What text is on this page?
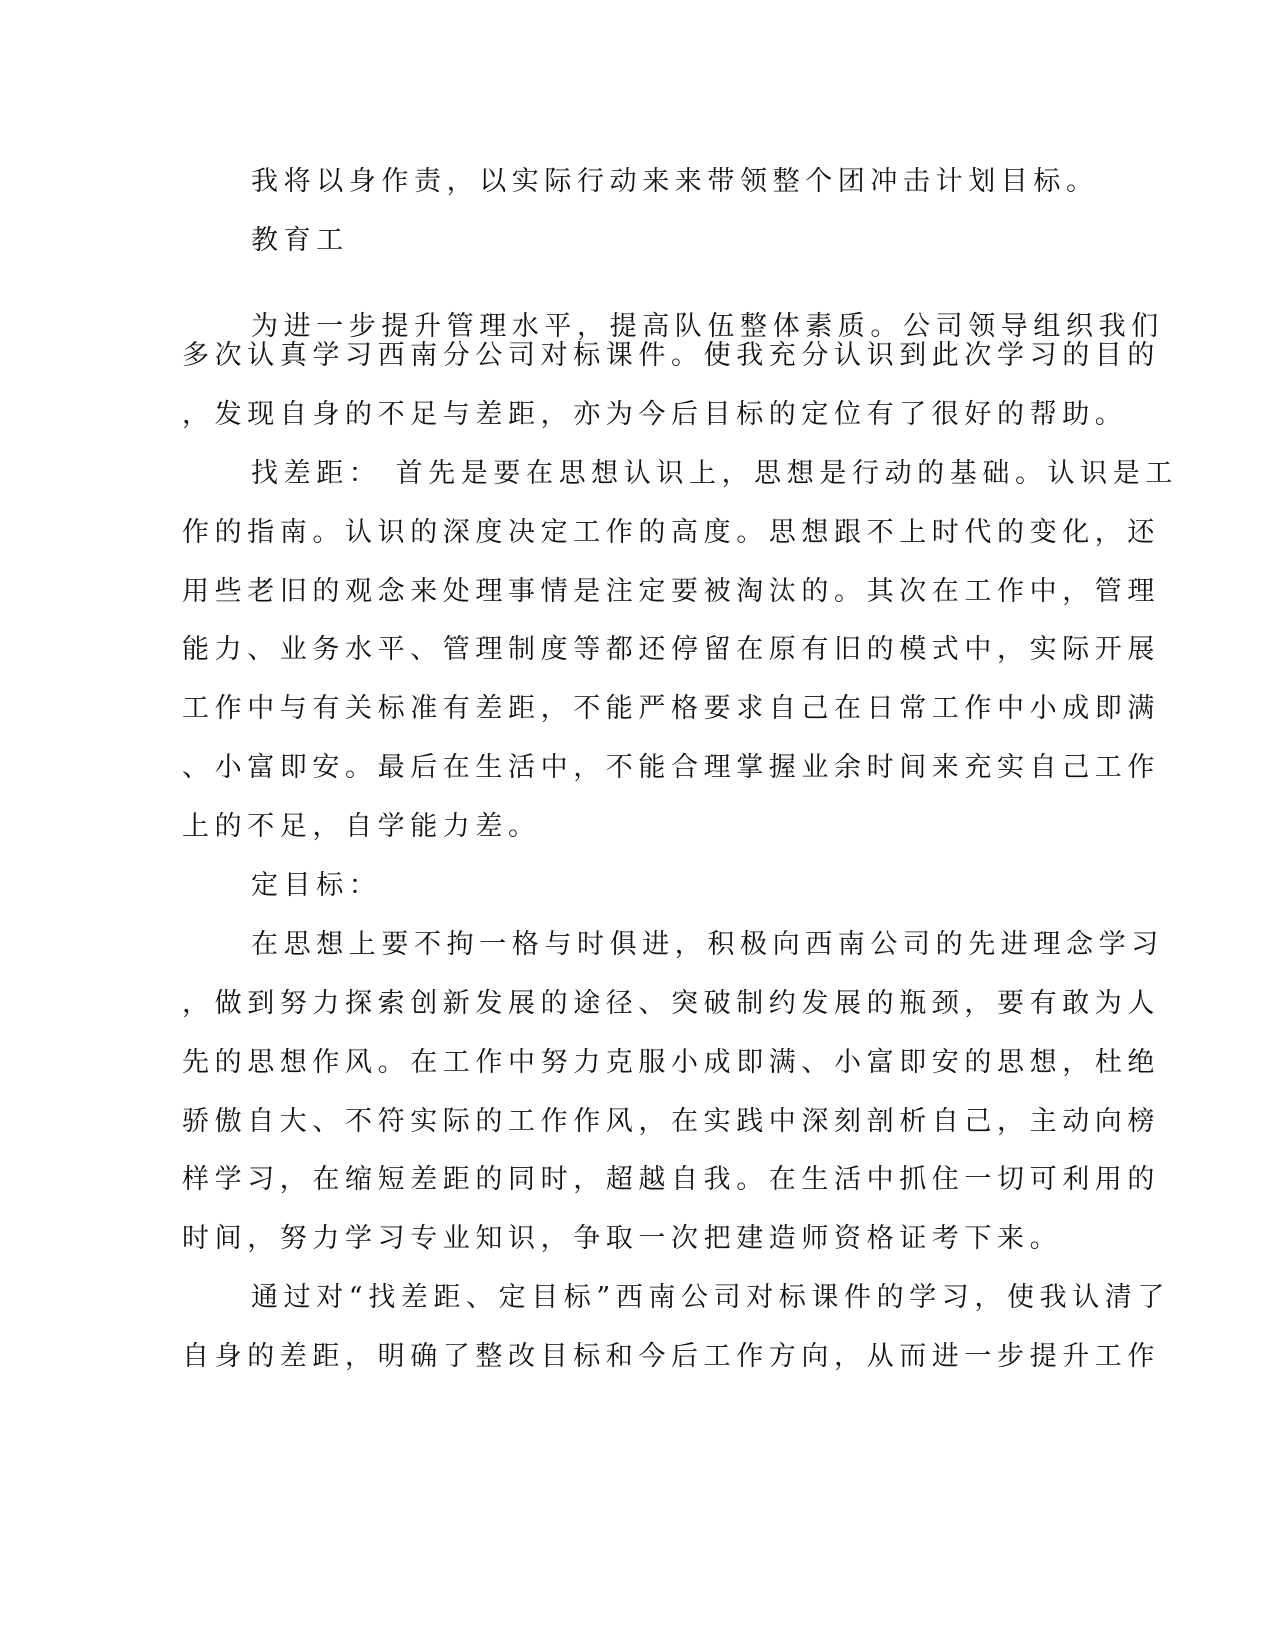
我将以身作责，以实际行动来来带领整个团冲击计划目标。
教育工
为进一步提升管理水平，提高队伍整体素质。公司领导组织我们
多次认真学习西南分公司对标课件。使我充分认识到此次学习的目的
，发现自身的不足与差距，亦为今后目标的定位有了很好的帮助。
找差距： 首先是要在思想认识上，思想是行动的基础。认识是工
作的指南。认识的深度决定工作的高度。思想跟不上时代的变化，还
用些老旧的观念来处理事情是注定要被淘汰的。其次在工作中，管理
能力、业务水平、管理制度等都还停留在原有旧的模式中，实际开展
工作中与有关标准有差距，不能严格要求自己在日常工作中小成即满
、小富即安。最后在生活中，不能合理掌握业余时间来充实自己工作
上的不足，自学能力差。
定目标：
在思想上要不拘一格与时俱进，积极向西南公司的先进理念学习
，做到努力探索创新发展的途径、突破制约发展的瓶颈，要有敢为人
先的思想作风。在工作中努力克服小成即满、小富即安的思想，杜绝
骄傲自大、不符实际的工作作风，在实践中深刻剖析自己，主动向榜
样学习，在缩短差距的同时，超越自我。在生活中抓住一切可利用的
时间，努力学习专业知识，争取一次把建造师资格证考下来。
通过对“找差距、定目标”西南公司对标课件的学习，使我认清了
自身的差距，明确了整改目标和今后工作方向，从而进一步提升工作
